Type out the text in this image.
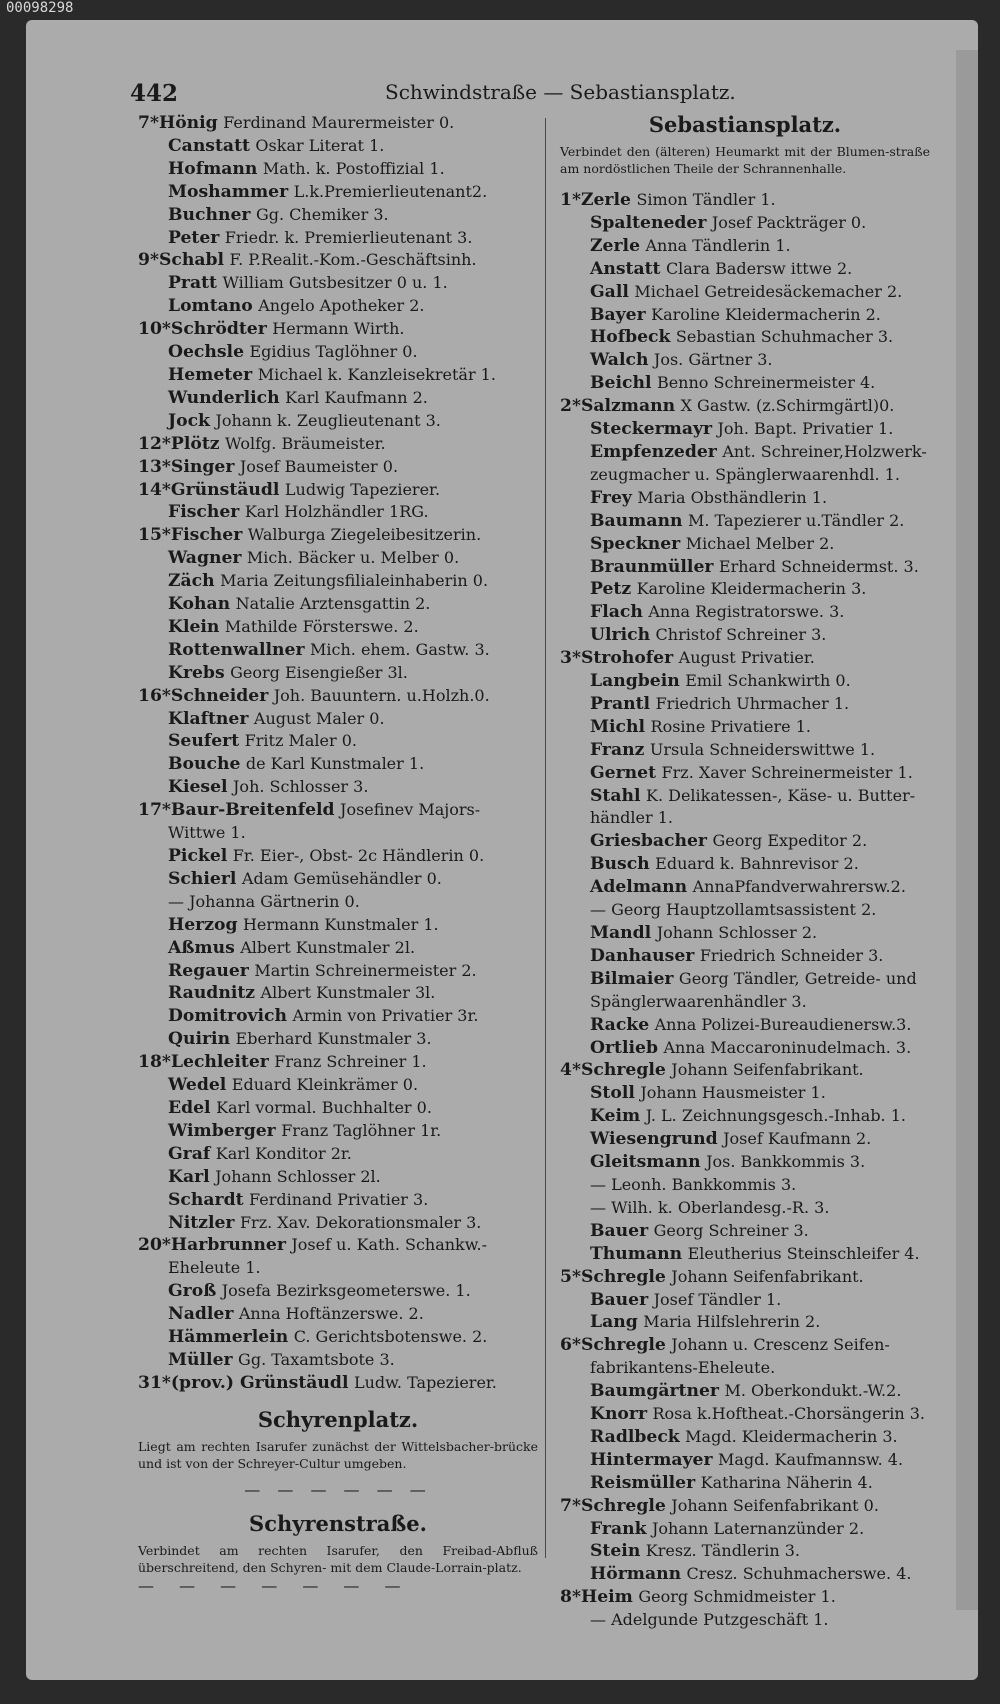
00098298
442	Schwindstraße — Sebastiansplatz.
7*Hönig Ferdinand Maurermeister 0.
Canstatt Oskar Literat 1.
Hofmann Math. k. Postoffizial 1.
Moshammer L.k.Premierlieutenant2.
Buchner Gg. Chemiker 3.
Peter Friedr. k. Premierlieutenant 3.
9*Schabl F. P.Realit.-Kom.-Geschäftsinh.
Pratt William Gutsbesitzer 0 u. 1.
Lomtano Angelo Apotheker 2.
10*Schrödter Hermann Wirth.
Oechsle Egidius Taglöhner 0.
Hemeter Michael k. Kanzleisekretär 1.
Wunderlich Karl Kaufmann 2.
Jock Johann k. Zeuglieutenant 3.
12*Plötz Wolfg. Bräumeister.
13*Singer Josef Baumeister 0.
14*Grünstäudl Ludwig Tapezierer.
Fischer Karl Holzhändler 1RG.
15*Fischer Walburga Ziegeleibesitzerin.
Wagner Mich. Bäcker u. Melber 0.
Zäch Maria Zeitungsfilialeinhaberin 0.
Kohan Natalie Arztensgattin 2.
Klein Mathilde Försterswe. 2.
Rottenwallner Mich. ehem. Gastw. 3.
Krebs Georg Eisengießer 3l.
16*Schneider Joh. Bauuntern. u.Holzh.0.
Klaftner August Maler 0.
Seufert Fritz Maler 0.
Bouche de Karl Kunstmaler 1.
Kiesel Joh. Schlosser 3.
17*Baur-Breitenfeld Josefinev Majors-
Wittwe 1.
Pickel Fr. Eier-, Obst- 2c Händlerin 0.
Schierl Adam Gemüsehändler 0.
— Johanna Gärtnerin 0.
Herzog Hermann Kunstmaler 1.
Aßmus Albert Kunstmaler 2l.
Regauer Martin Schreinermeister 2.
Raudnitz Albert Kunstmaler 3l.
Domitrovich Armin von Privatier 3r.
Quirin Eberhard Kunstmaler 3.
18*Lechleiter Franz Schreiner 1.
Wedel Eduard Kleinkrämer 0.
Edel Karl vormal. Buchhalter 0.
Wimberger Franz Taglöhner 1r.
Graf Karl Konditor 2r.
Karl Johann Schlosser 2l.
Schardt Ferdinand Privatier 3.
Nitzler Frz. Xav. Dekorationsmaler 3.
20*Harbrunner Josef u. Kath. Schankw.-
Eheleute 1.
Groß Josefa Bezirksgeometerswe. 1.
Nadler Anna Hoftänzerswe. 2.
Hämmerlein C. Gerichtsbotenswe. 2.
Müller Gg. Taxamtsbote 3.
31*(prov.) Grünstäudl Ludw. Tapezierer.
Schyrenplatz.
Liegt am rechten Isarufer zunächst der Wittelsbacher-brücke und ist von der Schreyer-Cultur umgeben.
— — — — — —
Schyrenstraße.
Verbindet am rechten Isarufer, den Freibad-Abfluß überschreitend, den Schyren- mit dem Claude-Lorrain-platz.
— — — — — — —
Sebastiansplatz.
Verbindet den (älteren) Heumarkt mit der Blumen-straße am nordöstlichen Theile der Schrannenhalle.
1*Zerle Simon Tändler 1.
Spalteneder Josef Packträger 0.
Zerle Anna Tändlerin 1.
Anstatt Clara Badersw ittwe 2.
Gall Michael Getreidesäckemacher 2.
Bayer Karoline Kleidermacherin 2.
Hofbeck Sebastian Schuhmacher 3.
Walch Jos. Gärtner 3.
Beichl Benno Schreinermeister 4.
2*Salzmann X Gastw. (z.Schirmgärtl)0.
Steckermayr Joh. Bapt. Privatier 1.
Empfenzeder Ant. Schreiner,Holzwerk-
zeugmacher u. Spänglerwaarenhdl. 1.
Frey Maria Obsthändlerin 1.
Baumann M. Tapezierer u.Tändler 2.
Speckner Michael Melber 2.
Braunmüller Erhard Schneidermst. 3.
Petz Karoline Kleidermacherin 3.
Flach Anna Registratorswe. 3.
Ulrich Christof Schreiner 3.
3*Strohofer August Privatier.
Langbein Emil Schankwirth 0.
Prantl Friedrich Uhrmacher 1.
Michl Rosine Privatiere 1.
Franz Ursula Schneiderswittwe 1.
Gernet Frz. Xaver Schreinermeister 1.
Stahl K. Delikatessen-, Käse- u. Butter-
händler 1.
Griesbacher Georg Expeditor 2.
Busch Eduard k. Bahnrevisor 2.
Adelmann AnnaPfandverwahrersw.2.
— Georg Hauptzollamtsassistent 2.
Mandl Johann Schlosser 2.
Danhauser Friedrich Schneider 3.
Bilmaier Georg Tändler, Getreide- und
Spänglerwaarenhändler 3.
Racke Anna Polizei-Bureaudienersw.3.
Ortlieb Anna Maccaroninudelmach. 3.
4*Schregle Johann Seifenfabrikant.
Stoll Johann Hausmeister 1.
Keim J. L. Zeichnungsgesch.-Inhab. 1.
Wiesengrund Josef Kaufmann 2.
Gleitsmann Jos. Bankkommis 3.
— Leonh. Bankkommis 3.
— Wilh. k. Oberlandesg.-R. 3.
Bauer Georg Schreiner 3.
Thumann Eleutherius Steinschleifer 4.
5*Schregle Johann Seifenfabrikant.
Bauer Josef Tändler 1.
Lang Maria Hilfslehrerin 2.
6*Schregle Johann u. Crescenz Seifen-
fabrikantens-Eheleute.
Baumgärtner M. Oberkondukt.-W.2.
Knorr Rosa k.Hoftheat.-Chorsängerin 3.
Radlbeck Magd. Kleidermacherin 3.
Hintermayer Magd. Kaufmannsw. 4.
Reismüller Katharina Näherin 4.
7*Schregle Johann Seifenfabrikant 0.
Frank Johann Laternanzünder 2.
Stein Kresz. Tändlerin 3.
Hörmann Cresz. Schuhmacherswe. 4.
8*Heim Georg Schmidmeister 1.
— Adelgunde Putzgeschäft 1.
